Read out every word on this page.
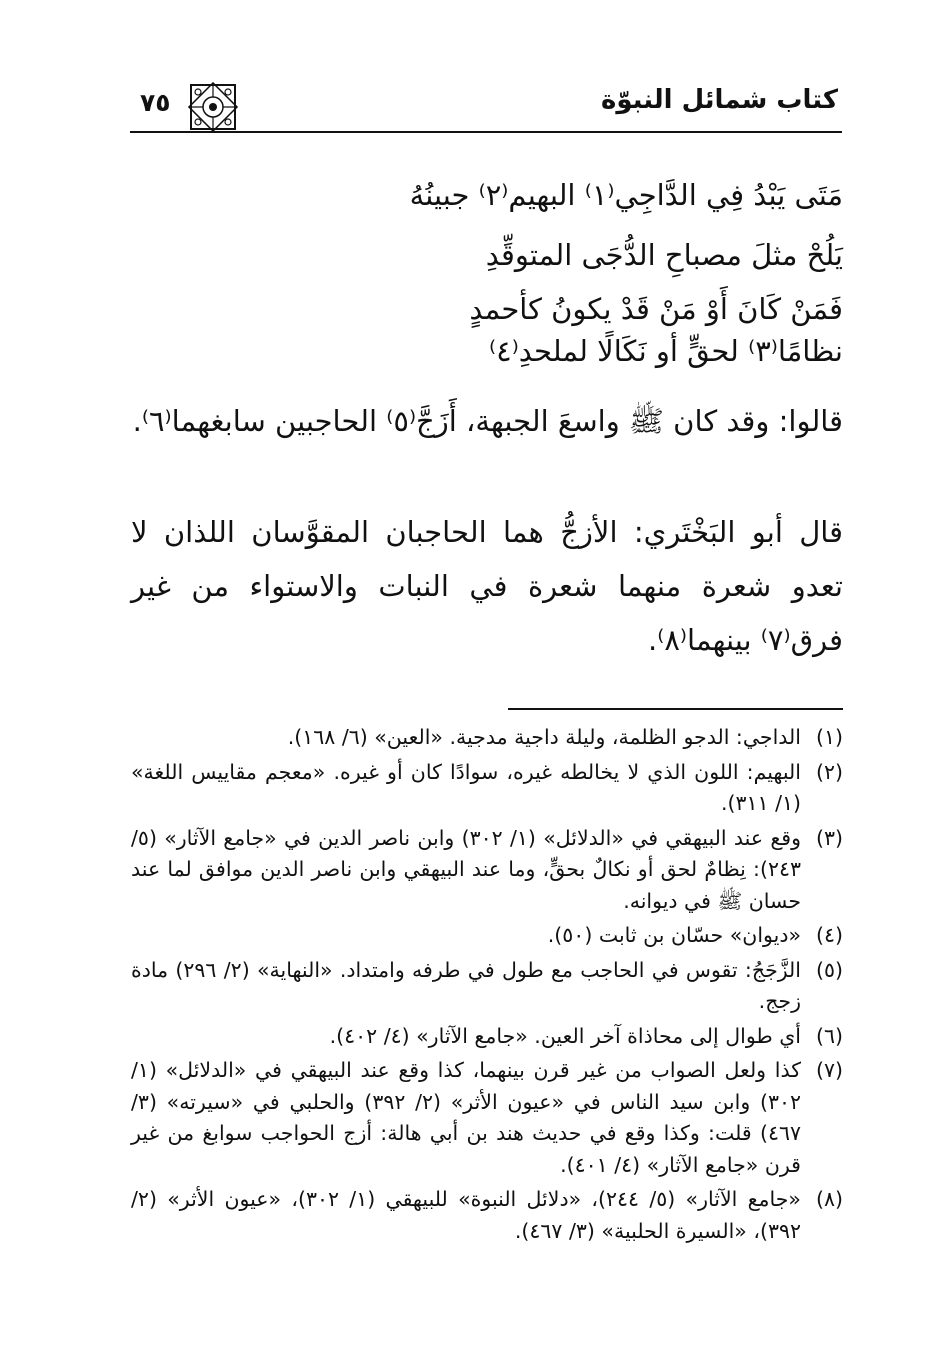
كتاب شمائل النبوّة
٧٥
مَتَى يَبْدُ فِي الدَّاجِي⁽١⁾ البهيم⁽٢⁾ جبينُهُ
يَلُحْ مثلَ مصباحِ الدُّجَى المتوقِّدِ
فَمَنْ كَانَ أَوْ مَنْ قَدْ يكونُ كأحمدٍ
نظامًا⁽٣⁾ لحقٍّ أو نَكَالًا لملحدِ⁽٤⁾
قالوا: وقد كان ﷺ واسعَ الجبهة، أَزَجَّ⁽٥⁾ الحاجبين سابغهما⁽٦⁾.
قال أبو البَخْتَري: الأزجُّ هما الحاجبان المقوَّسان اللذان لا تعدو شعرة منهما شعرة في النبات والاستواء من غير فرق⁽٧⁾ بينهما⁽٨⁾.
(١)
الداجي: الدجو الظلمة، وليلة داجية مدجية. «العين» (٦/ ١٦٨).
(٢)
البهيم: اللون الذي لا يخالطه غيره، سوادًا كان أو غيره. «معجم مقاييس اللغة» (١/ ٣١١).
(٣)
وقع عند البيهقي في «الدلائل» (١/ ٣٠٢) وابن ناصر الدين في «جامع الآثار» (٥/ ٢٤٣): نِظامٌ لحق أو نكالٌ بحقٍّ، وما عند البيهقي وابن ناصر الدين موافق لما عند حسان ﷺ في ديوانه.
(٤)
«ديوان» حسّان بن ثابت (٥٠).
(٥)
الزَّجَجُ: تقوس في الحاجب مع طول في طرفه وامتداد. «النهاية» (٢/ ٢٩٦) مادة زجج.
(٦)
أي طوال إلى محاذاة آخر العين. «جامع الآثار» (٤/ ٤٠٢).
(٧)
كذا ولعل الصواب من غير قرن بينهما، كذا وقع عند البيهقي في «الدلائل» (١/ ٣٠٢) وابن سيد الناس في «عيون الأثر» (٢/ ٣٩٢) والحلبي في «سيرته» (٣/ ٤٦٧) قلت: وكذا وقع في حديث هند بن أبي هالة: أزج الحواجب سوابغ من غير قرن «جامع الآثار» (٤/ ٤٠١).
(٨)
«جامع الآثار» (٥/ ٢٤٤)، «دلائل النبوة» للبيهقي (١/ ٣٠٢)، «عيون الأثر» (٢/ ٣٩٢)، «السيرة الحلبية» (٣/ ٤٦٧).
